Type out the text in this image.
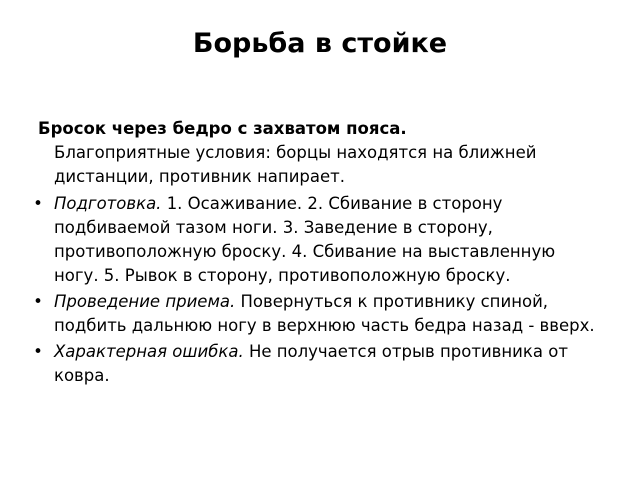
Борьба в стойке
Бросок через бедро с захватом пояса.
Благоприятные условия: борцы находятся на ближней дистанции, противник напирает.
• Подготовка. 1. Осаживание. 2. Сбивание в сторону подбиваемой тазом ноги. 3. Заведение в сторону, противоположную броску. 4. Сбивание на выставленную ногу. 5. Рывок в сторону, противоположную броску.
• Проведение приема. Повернуться к противнику спиной, подбить дальнюю ногу в верхнюю часть бедра назад - вверх.
• Характерная ошибка. Не получается отрыв противника от ковра.
